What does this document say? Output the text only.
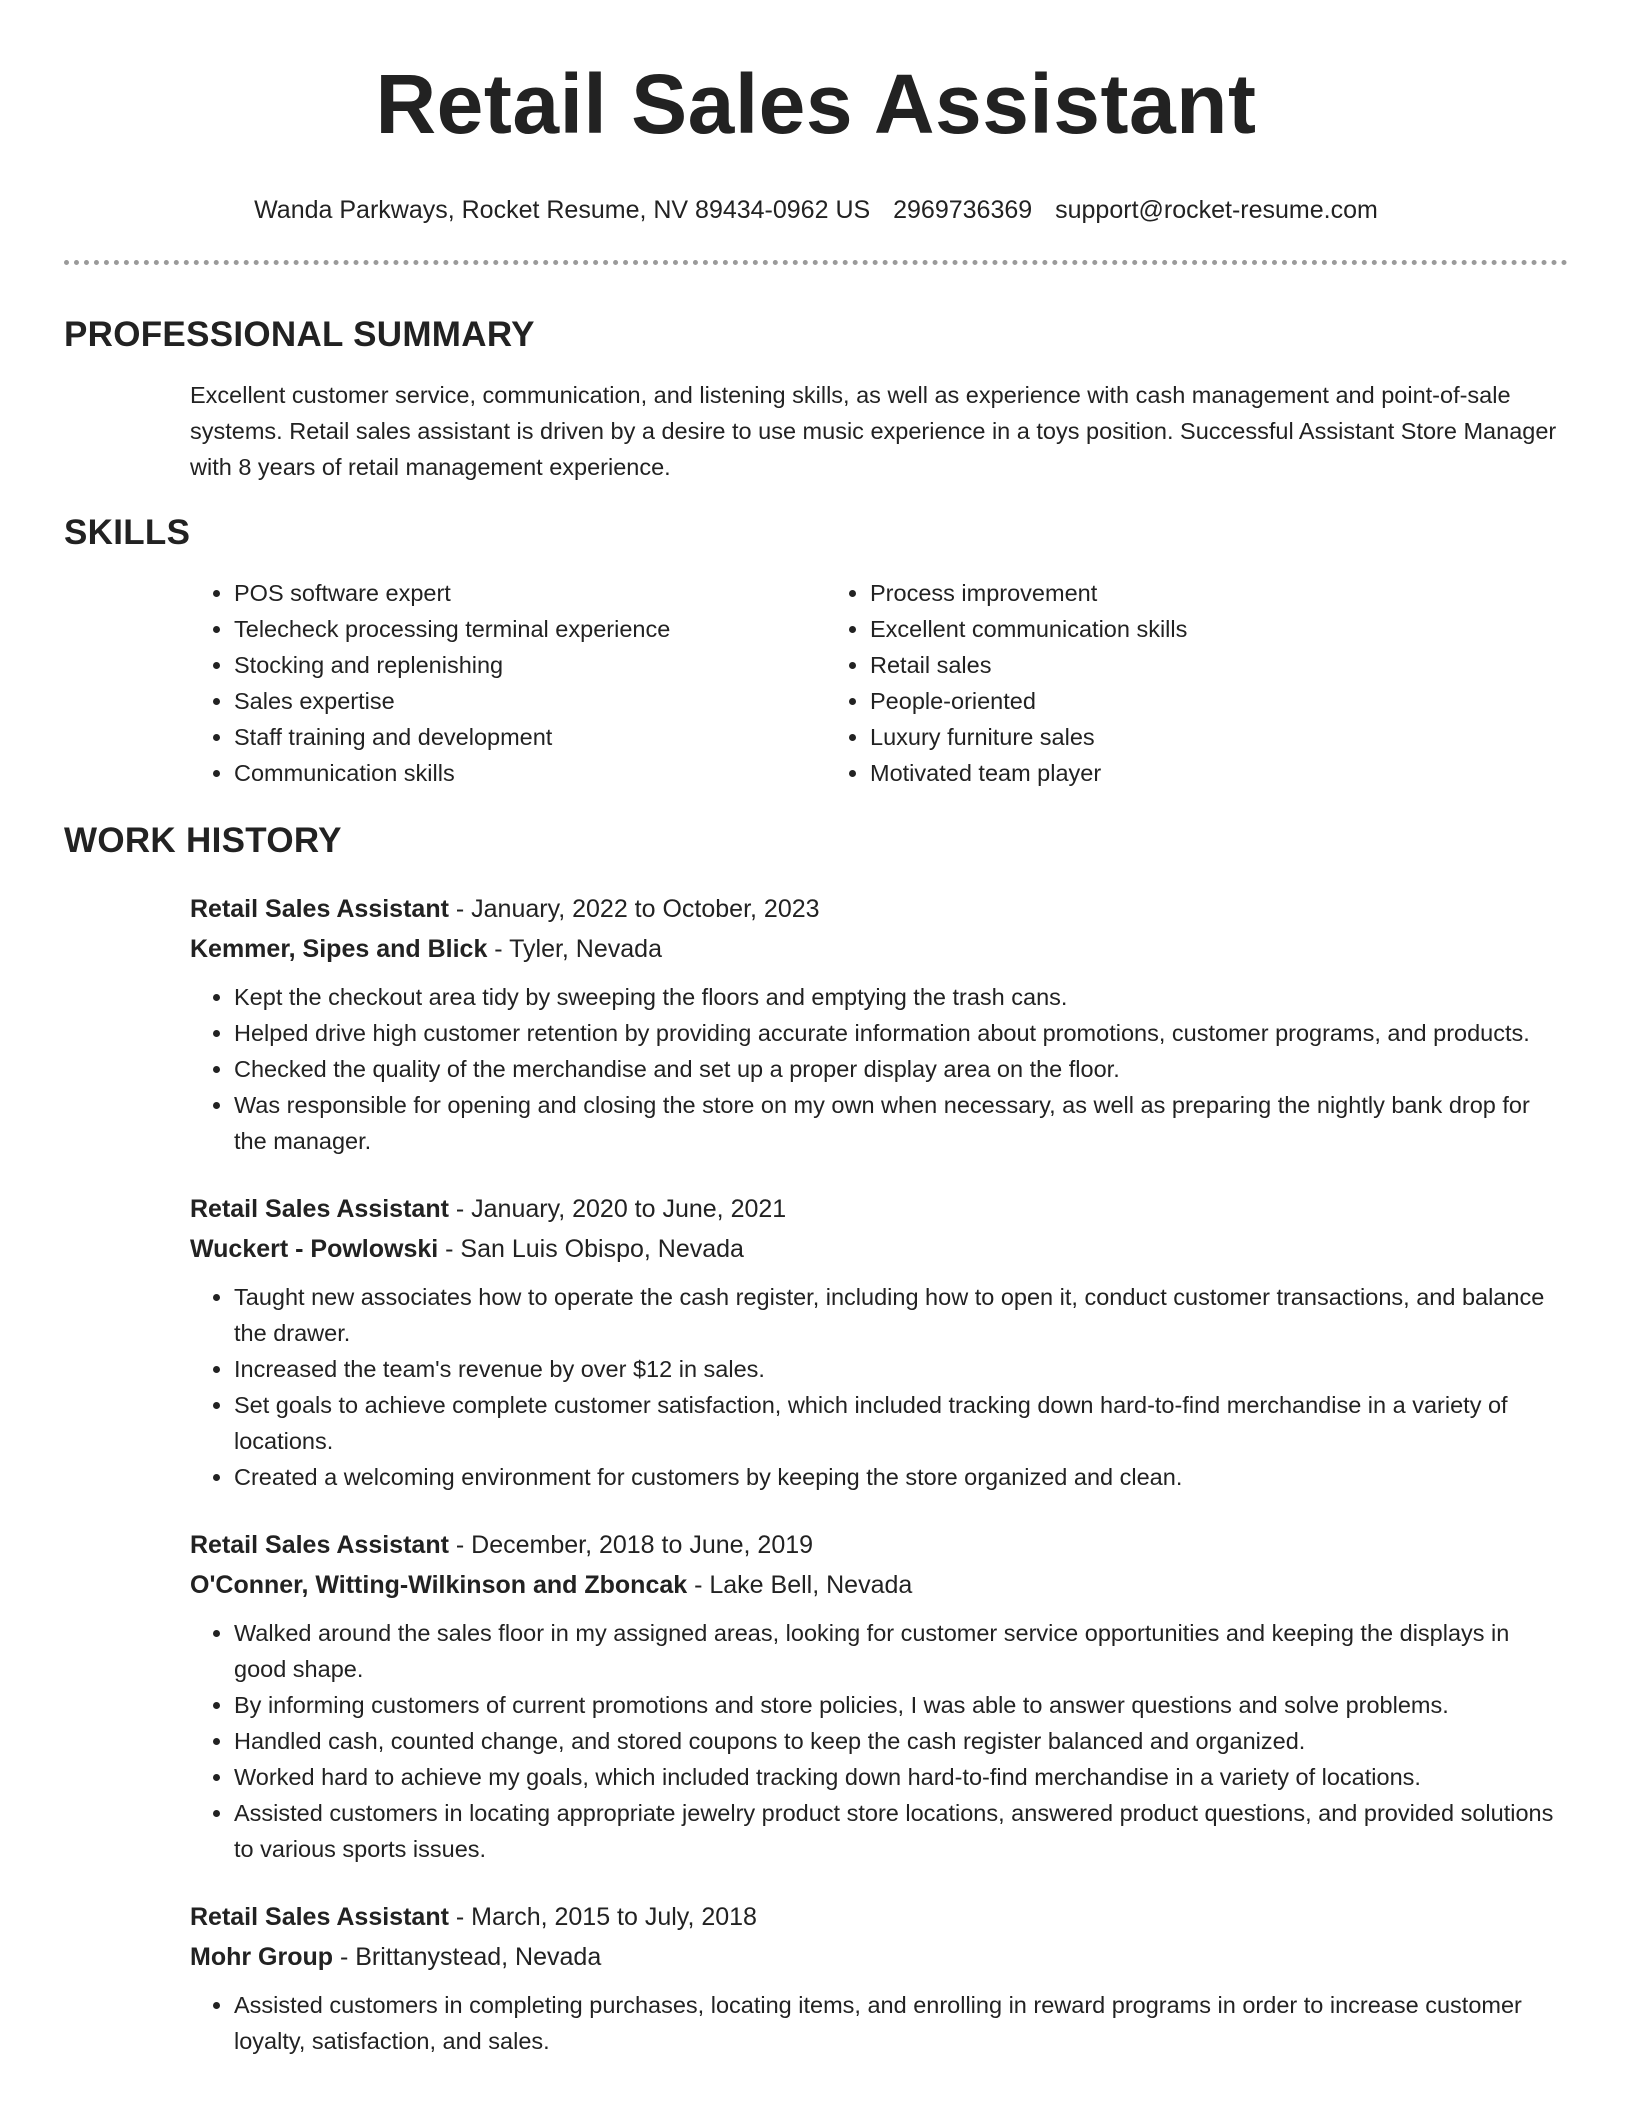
Retail Sales Assistant
Wanda Parkways, Rocket Resume, NV 89434-0962 US 2969736369 support@rocket-resume.com
PROFESSIONAL SUMMARY

Excellent customer service, communication, and listening skills, as well as experience with cash management and point-of-sale systems. Retail sales assistant is driven by a desire to use music experience in a toys position. Successful Assistant Store Manager with 8 years of retail management experience.

SKILLS
• POS software expert
• Telecheck processing terminal experience
• Stocking and replenishing
• Sales expertise
• Staff training and development
• Communication skills
• Process improvement
• Excellent communication skills
• Retail sales
• People-oriented
• Luxury furniture sales
• Motivated team player
WORK HISTORY

Retail Sales Assistant - January, 2022 to October, 2023

Kemmer, Sipes and Blick - Tyler, Nevada

• Kept the checkout area tidy by sweeping the floors and emptying the trash cans.
• Helped drive high customer retention by providing accurate information about promotions, customer programs, and products.
• Checked the quality of the merchandise and set up a proper display area on the floor.
• Was responsible for opening and closing the store on my own when necessary, as well as preparing the nightly bank drop for the manager.

Retail Sales Assistant - January, 2020 to June, 2021

Wuckert - Powlowski - San Luis Obispo, Nevada

• Taught new associates how to operate the cash register, including how to open it, conduct customer transactions, and balance the drawer.
• Increased the team's revenue by over $12 in sales.
• Set goals to achieve complete customer satisfaction, which included tracking down hard-to-find merchandise in a variety of locations.
• Created a welcoming environment for customers by keeping the store organized and clean.

Retail Sales Assistant - December, 2018 to June, 2019

O'Conner, Witting-Wilkinson and Zboncak - Lake Bell, Nevada

• Walked around the sales floor in my assigned areas, looking for customer service opportunities and keeping the displays in good shape.
• By informing customers of current promotions and store policies, I was able to answer questions and solve problems.
• Handled cash, counted change, and stored coupons to keep the cash register balanced and organized.
• Worked hard to achieve my goals, which included tracking down hard-to-find merchandise in a variety of locations.
• Assisted customers in locating appropriate jewelry product store locations, answered product questions, and provided solutions to various sports issues.

Retail Sales Assistant - March, 2015 to July, 2018

Mohr Group - Brittanystead, Nevada

• Assisted customers in completing purchases, locating items, and enrolling in reward programs in order to increase customer loyalty, satisfaction, and sales.
